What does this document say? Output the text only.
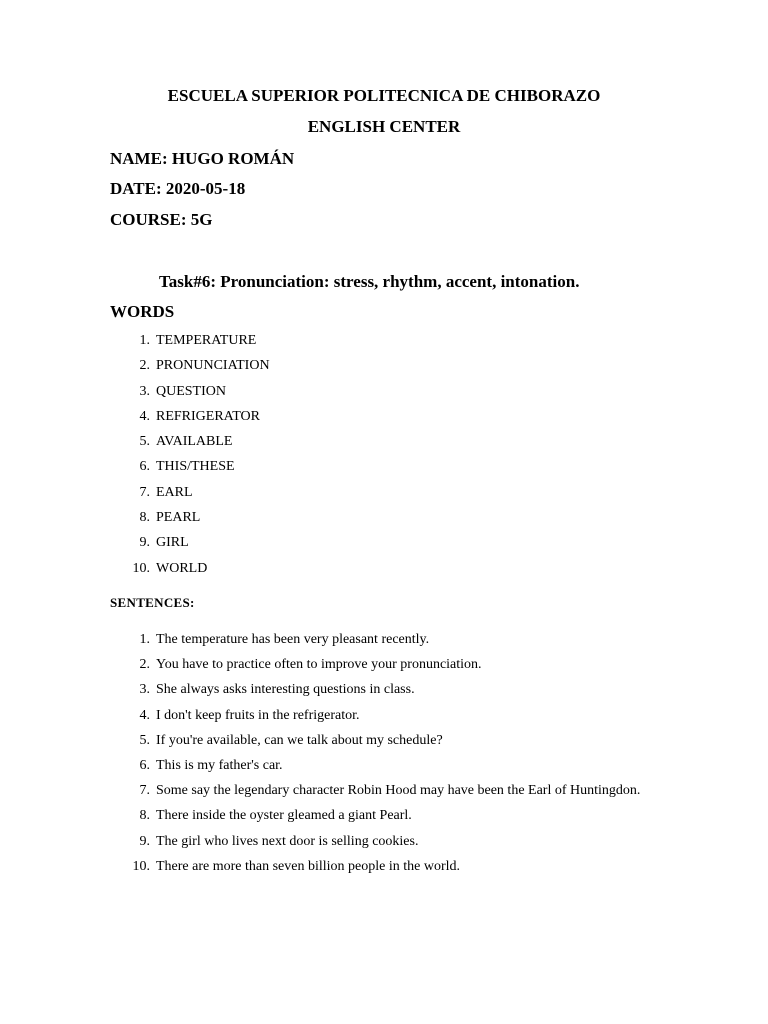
ESCUELA SUPERIOR POLITECNICA DE CHIBORAZO
ENGLISH CENTER
NAME: HUGO ROMÁN
DATE: 2020-05-18
COURSE: 5G
Task#6: Pronunciation: stress, rhythm, accent, intonation.
WORDS
1. TEMPERATURE
2. PRONUNCIATION
3. QUESTION
4. REFRIGERATOR
5. AVAILABLE
6. THIS/THESE
7. EARL
8. PEARL
9. GIRL
10. WORLD
SENTENCES:
1. The temperature has been very pleasant recently.
2. You have to practice often to improve your pronunciation.
3. She always asks interesting questions in class.
4. I don't keep fruits in the refrigerator.
5. If you're available, can we talk about my schedule?
6. This is my father's car.
7. Some say the legendary character Robin Hood may have been the Earl of Huntingdon.
8. There inside the oyster gleamed a giant Pearl.
9. The girl who lives next door is selling cookies.
10. There are more than seven billion people in the world.
